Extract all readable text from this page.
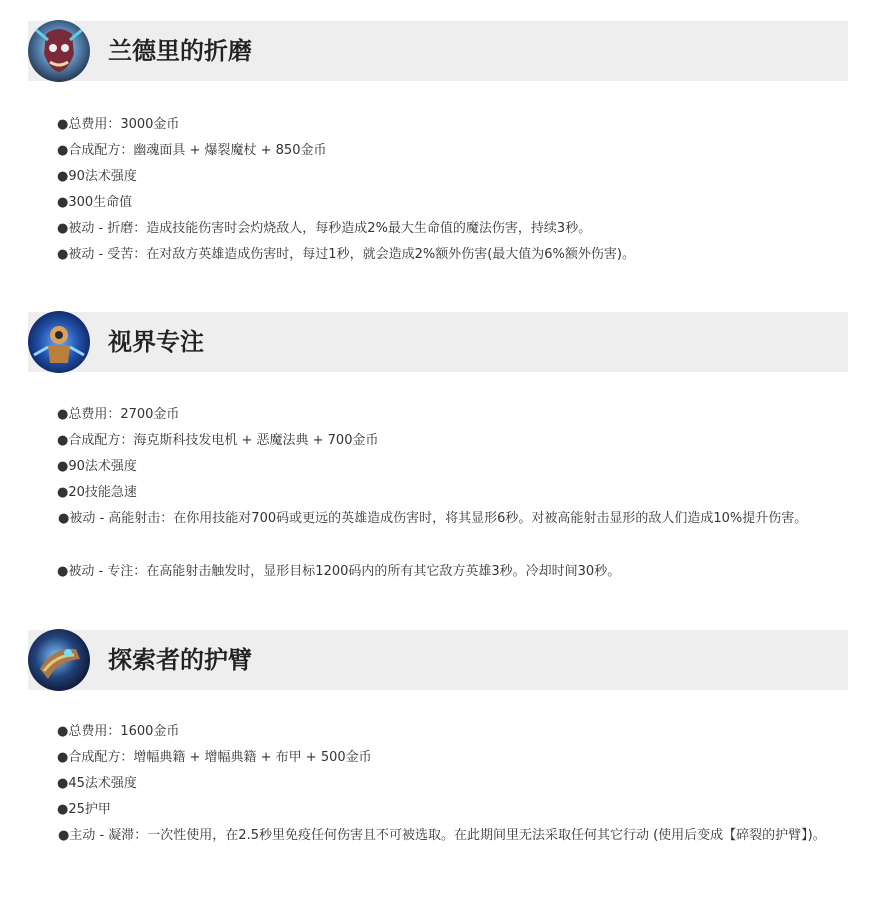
兰德里的折磨
●总费用：3000金币
●合成配方：幽魂面具 + 爆裂魔杖 + 850金币
●90法术强度
●300生命值
●被动 - 折磨：造成技能伤害时会灼烧敌人，每秒造成2%最大生命值的魔法伤害，持续3秒。
●被动 - 受苦：在对敌方英雄造成伤害时，每过1秒，就会造成2%额外伤害(最大值为6%额外伤害)。
视界专注
●总费用：2700金币
●合成配方：海克斯科技发电机 + 恶魔法典 + 700金币
●90法术强度
●20技能急速
●被动 - 高能射击：在你用技能对700码或更远的英雄造成伤害时，将其显形6秒。对被高能射击显形的敌人们造成10%提升伤害。
●被动 - 专注：在高能射击触发时，显形目标1200码内的所有其它敌方英雄3秒。冷却时间30秒。
探索者的护臂
●总费用：1600金币
●合成配方：增幅典籍 + 增幅典籍 + 布甲 + 500金币
●45法术强度
●25护甲
●主动 - 凝滞：一次性使用，在2.5秒里免疫任何伤害且不可被选取。在此期间里无法采取任何其它行动 (使用后变成【碎裂的护臂】)。
